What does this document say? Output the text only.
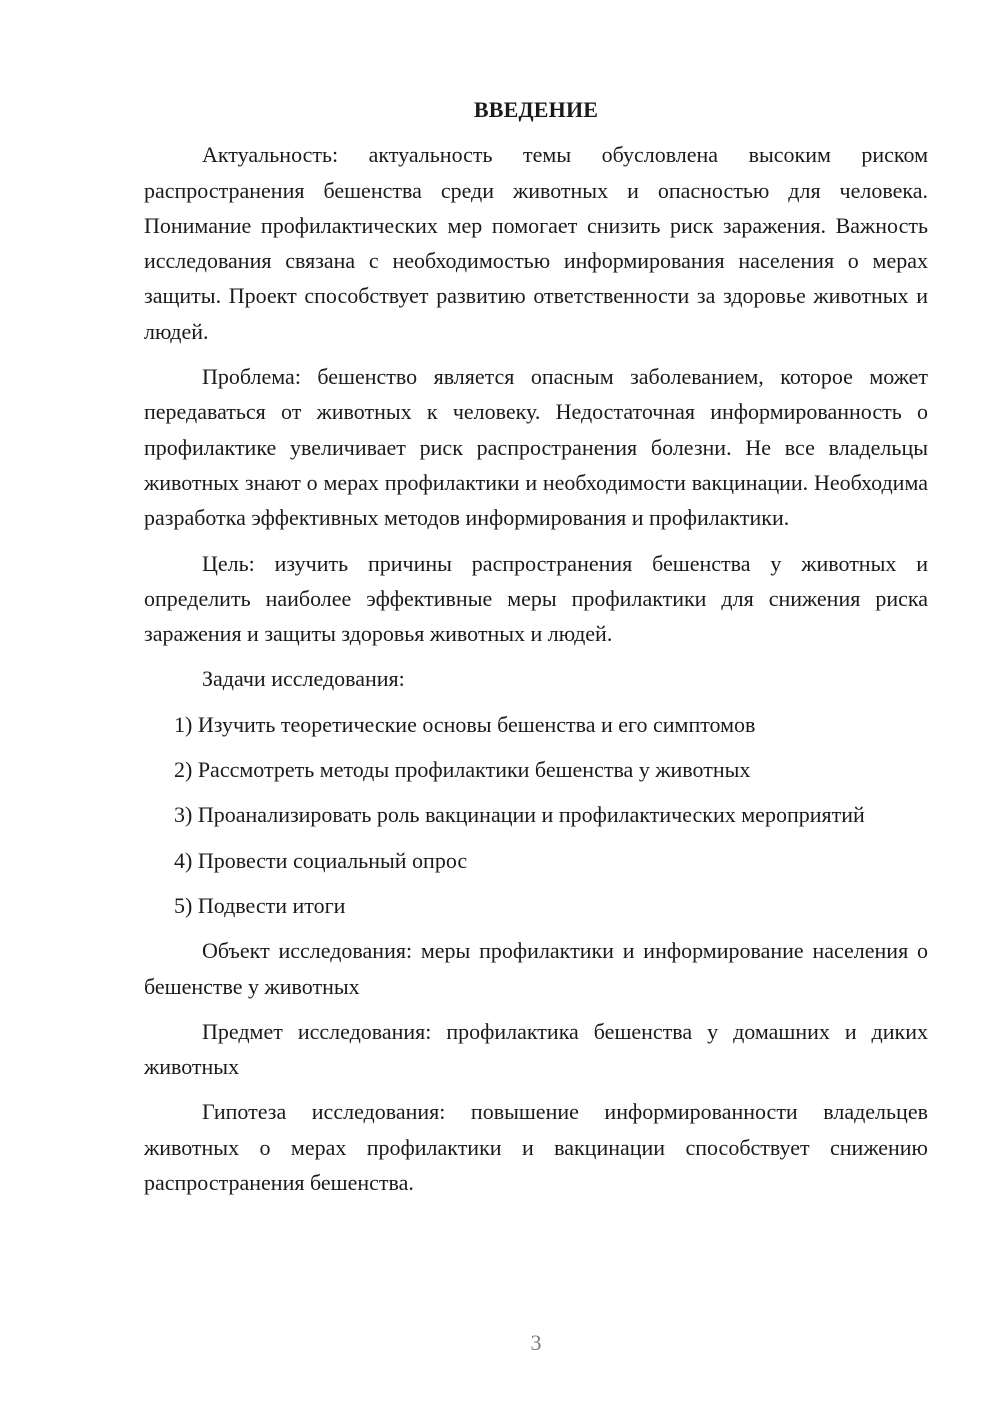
ВВЕДЕНИЕ

Актуальность: актуальность темы обусловлена высоким риском распространения бешенства среди животных и опасностью для человека. Понимание профилактических мер помогает снизить риск заражения. Важность исследования связана с необходимостью информирования населения о мерах защиты. Проект способствует развитию ответственности за здоровье животных и людей.

Проблема: бешенство является опасным заболеванием, которое может передаваться от животных к человеку. Недостаточная информированность о профилактике увеличивает риск распространения болезни. Не все владельцы животных знают о мерах профилактики и необходимости вакцинации. Необходима разработка эффективных методов информирования и профилактики.

Цель: изучить причины распространения бешенства у животных и определить наиболее эффективные меры профилактики для снижения риска заражения и защиты здоровья животных и людей.

Задачи исследования:

1) Изучить теоретические основы бешенства и его симптомов

2) Рассмотреть методы профилактики бешенства у животных

3) Проанализировать роль вакцинации и профилактических мероприятий

4) Провести социальный опрос

5) Подвести итоги

Объект исследования: меры профилактики и информирование населения о бешенстве у животных

Предмет исследования: профилактика бешенства у домашних и диких животных

Гипотеза исследования: повышение информированности владельцев животных о мерах профилактики и вакцинации способствует снижению распространения бешенства.

3
